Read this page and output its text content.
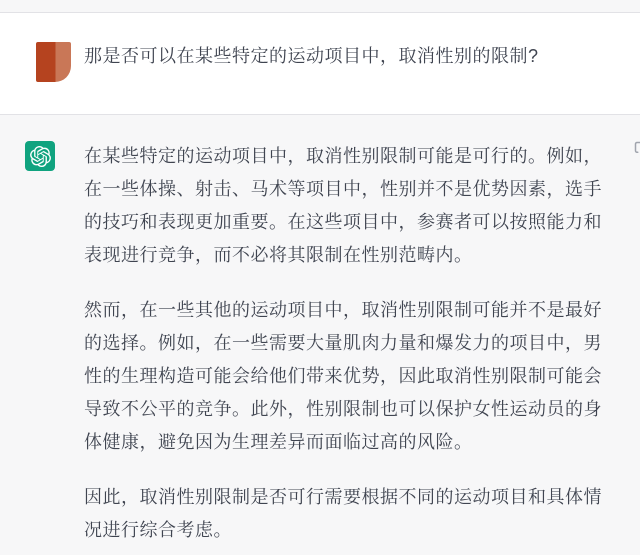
那是否可以在某些特定的运动项目中，取消性别的限制?

在某些特定的运动项目中，取消性别限制可能是可行的。例如，在一些体操、射击、马术等项目中，性别并不是优势因素，选手的技巧和表现更加重要。在这些项目中，参赛者可以按照能力和表现进行竞争，而不必将其限制在性别范畴内。

然而，在一些其他的运动项目中，取消性别限制可能并不是最好的选择。例如，在一些需要大量肌肉力量和爆发力的项目中，男性的生理构造可能会给他们带来优势，因此取消性别限制可能会导致不公平的竞争。此外，性别限制也可以保护女性运动员的身体健康，避免因为生理差异而面临过高的风险。

因此，取消性别限制是否可行需要根据不同的运动项目和具体情况进行综合考虑。
